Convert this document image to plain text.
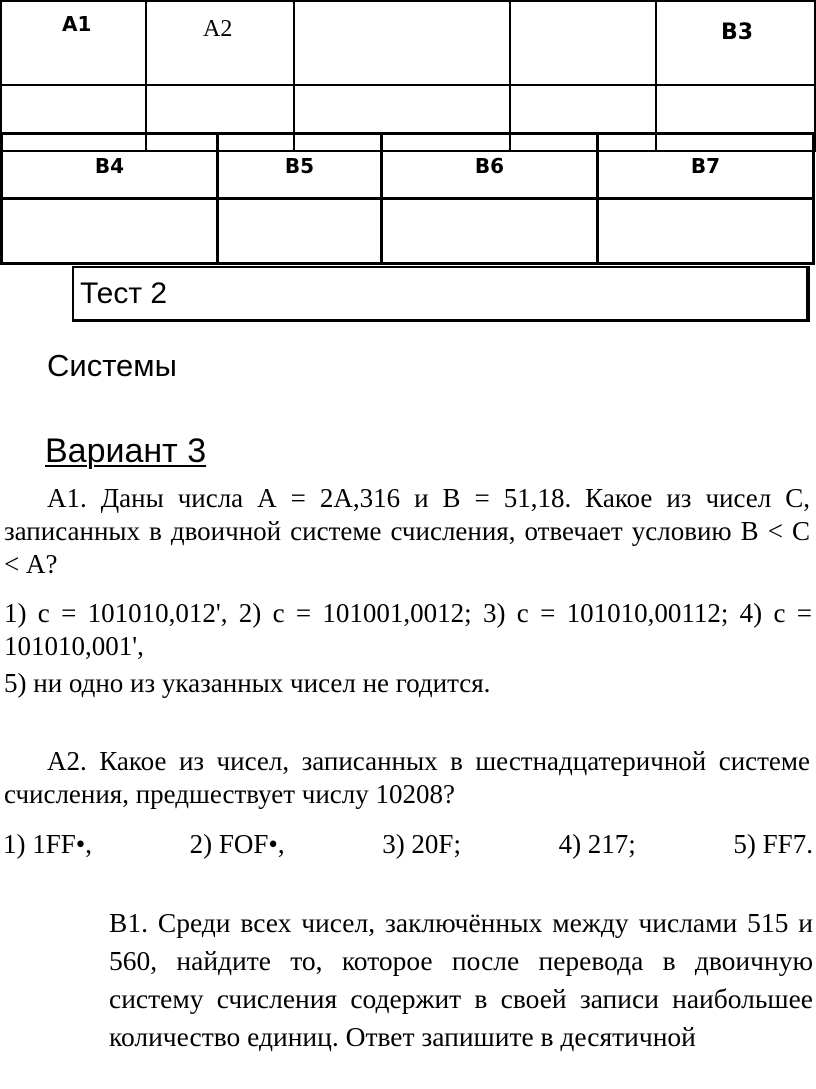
A1	A2			B3

B4	B5	B6	B7

Тест 2

Системы

Вариант 3

А1. Даны числа А = 2А,316 и В = 51,18. Какое из чисел С, записанных в двоичной системе счисления, отвечает условию В < С < А?

1) с = 101010,012', 2) с = 101001,0012; 3) с = 101010,00112; 4) с = 101010,001',

5) ни одно из указанных чисел не годится.

А2. Какое из чисел, записанных в шестнадцатеричной системе счисления, предшествует числу 10208?

1) 1FF•,	2) FOF•,	3) 20F;	4) 217;	5) FF7.

В1. Среди всех чисел, заключённых между числами 515 и 560, найдите то, которое после перевода в двоичную систему счисления содержит в своей записи наибольшее количество единиц. Ответ запишите в десятичной
